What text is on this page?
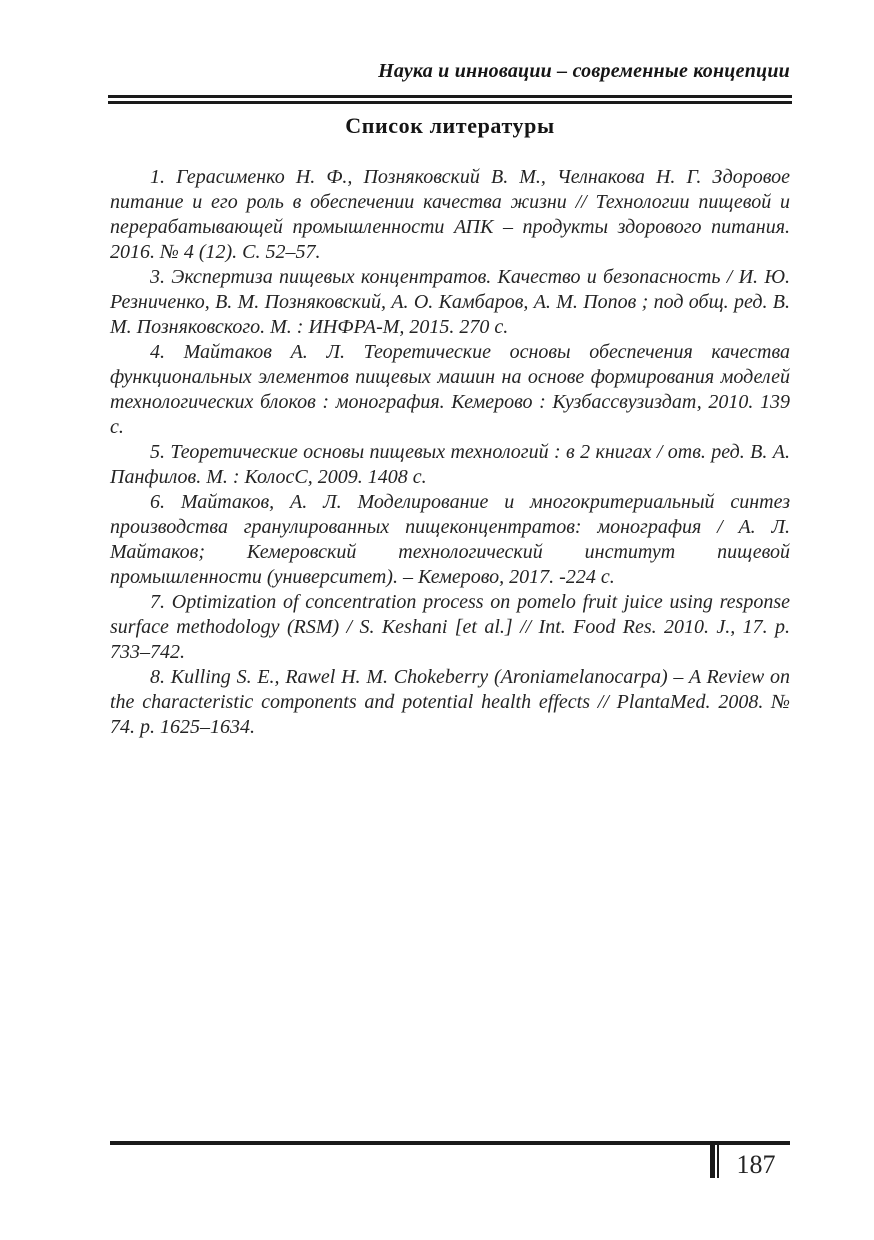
Наука и инновации – современные концепции
Список литературы

1. Герасименко Н. Ф., Позняковский В. М., Челнакова Н. Г. Здоровое питание и его роль в обеспечении качества жизни // Технологии пищевой и перерабатывающей промышленности АПК – продукты здорового питания. 2016. № 4 (12). С. 52–57.

3. Экспертиза пищевых концентратов. Качество и безопасность / И. Ю. Резниченко, В. М. Позняковский, А. О. Камбаров, А. М. Попов ; под общ. ред. В. М. Позняковского. М. : ИНФРА-М, 2015. 270 с.

4. Майтаков А. Л. Теоретические основы обеспечения качества функциональных элементов пищевых машин на основе формирования моделей технологических блоков : монография. Кемерово : Кузбассвузиздат, 2010. 139 с.

5. Теоретические основы пищевых технологий : в 2 книгах / отв. ред. В. А. Панфилов. М. : КолосС, 2009. 1408 с.

6. Майтаков, А. Л. Моделирование и многокритериальный синтез производства гранулированных пищеконцентратов: монография / А. Л. Майтаков; Кемеровский технологический институт пищевой промышленности (университет). – Кемерово, 2017. -224 с.

7. Optimization of concentration process on pomelo fruit juice using response surface methodology (RSM) / S. Keshani [et al.] // Int. Food Res. 2010. J., 17. p. 733–742.

8. Kulling S. E., Rawel H. M. Chokeberry (Aroniamelanocarpa) – A Review on the characteristic components and potential health effects // PlantaMed. 2008. № 74. p. 1625–1634.

187
